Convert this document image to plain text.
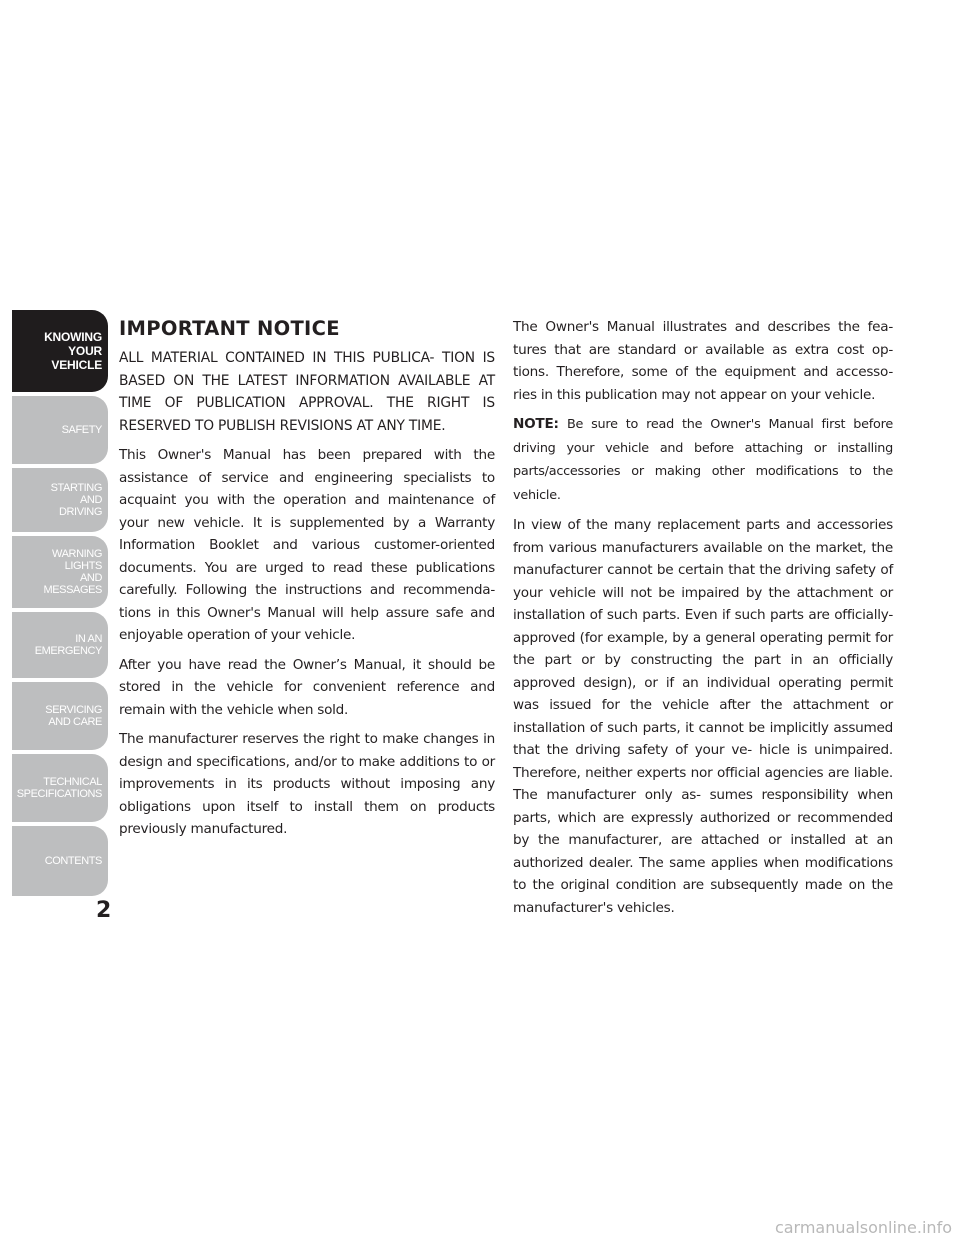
KNOWING
YOUR
VEHICLE
SAFETY
STARTING
AND
DRIVING
WARNING
LIGHTS
AND
MESSAGES
IN AN
EMERGENCY
SERVICING
AND CARE
TECHNICAL
SPECIFICATIONS
CONTENTS
2
IMPORTANT NOTICE

ALL MATERIAL CONTAINED IN THIS PUBLICA- TION IS BASED ON THE LATEST INFORMATION AVAILABLE AT TIME OF PUBLICATION APPROVAL. THE RIGHT IS RESERVED TO PUBLISH REVISIONS AT ANY TIME.

This Owner's Manual has been prepared with the assistance of service and engineering specialists to acquaint you with the operation and maintenance of your new vehicle. It is supplemented by a Warranty Information Booklet and various customer-oriented documents. You are urged to read these publications carefully. Following the instructions and recommenda- tions in this Owner's Manual will help assure safe and enjoyable operation of your vehicle.

After you have read the Owner’s Manual, it should be stored in the vehicle for convenient reference and remain with the vehicle when sold.

The manufacturer reserves the right to make changes in design and specifications, and/or to make additions to or improvements in its products without imposing any obligations upon itself to install them on products previously manufactured.

The Owner's Manual illustrates and describes the fea- tures that are standard or available as extra cost op- tions. Therefore, some of the equipment and accesso- ries in this publication may not appear on your vehicle.

NOTE: Be sure to read the Owner's Manual first before driving your vehicle and before attaching or installing parts/accessories or making other modifications to the vehicle.

In view of the many replacement parts and accessories from various manufacturers available on the market, the manufacturer cannot be certain that the driving safety of your vehicle will not be impaired by the attachment or installation of such parts. Even if such parts are officially-approved (for example, by a general operating permit for the part or by constructing the part in an officially approved design), or if an individual operating permit was issued for the vehicle after the attachment or installation of such parts, it cannot be implicitly assumed that the driving safety of your ve- hicle is unimpaired. Therefore, neither experts nor official agencies are liable. The manufacturer only as- sumes responsibility when parts, which are expressly authorized or recommended by the manufacturer, are attached or installed at an authorized dealer. The same applies when modifications to the original condition are subsequently made on the manufacturer's vehicles.

carmanualsonline.info
